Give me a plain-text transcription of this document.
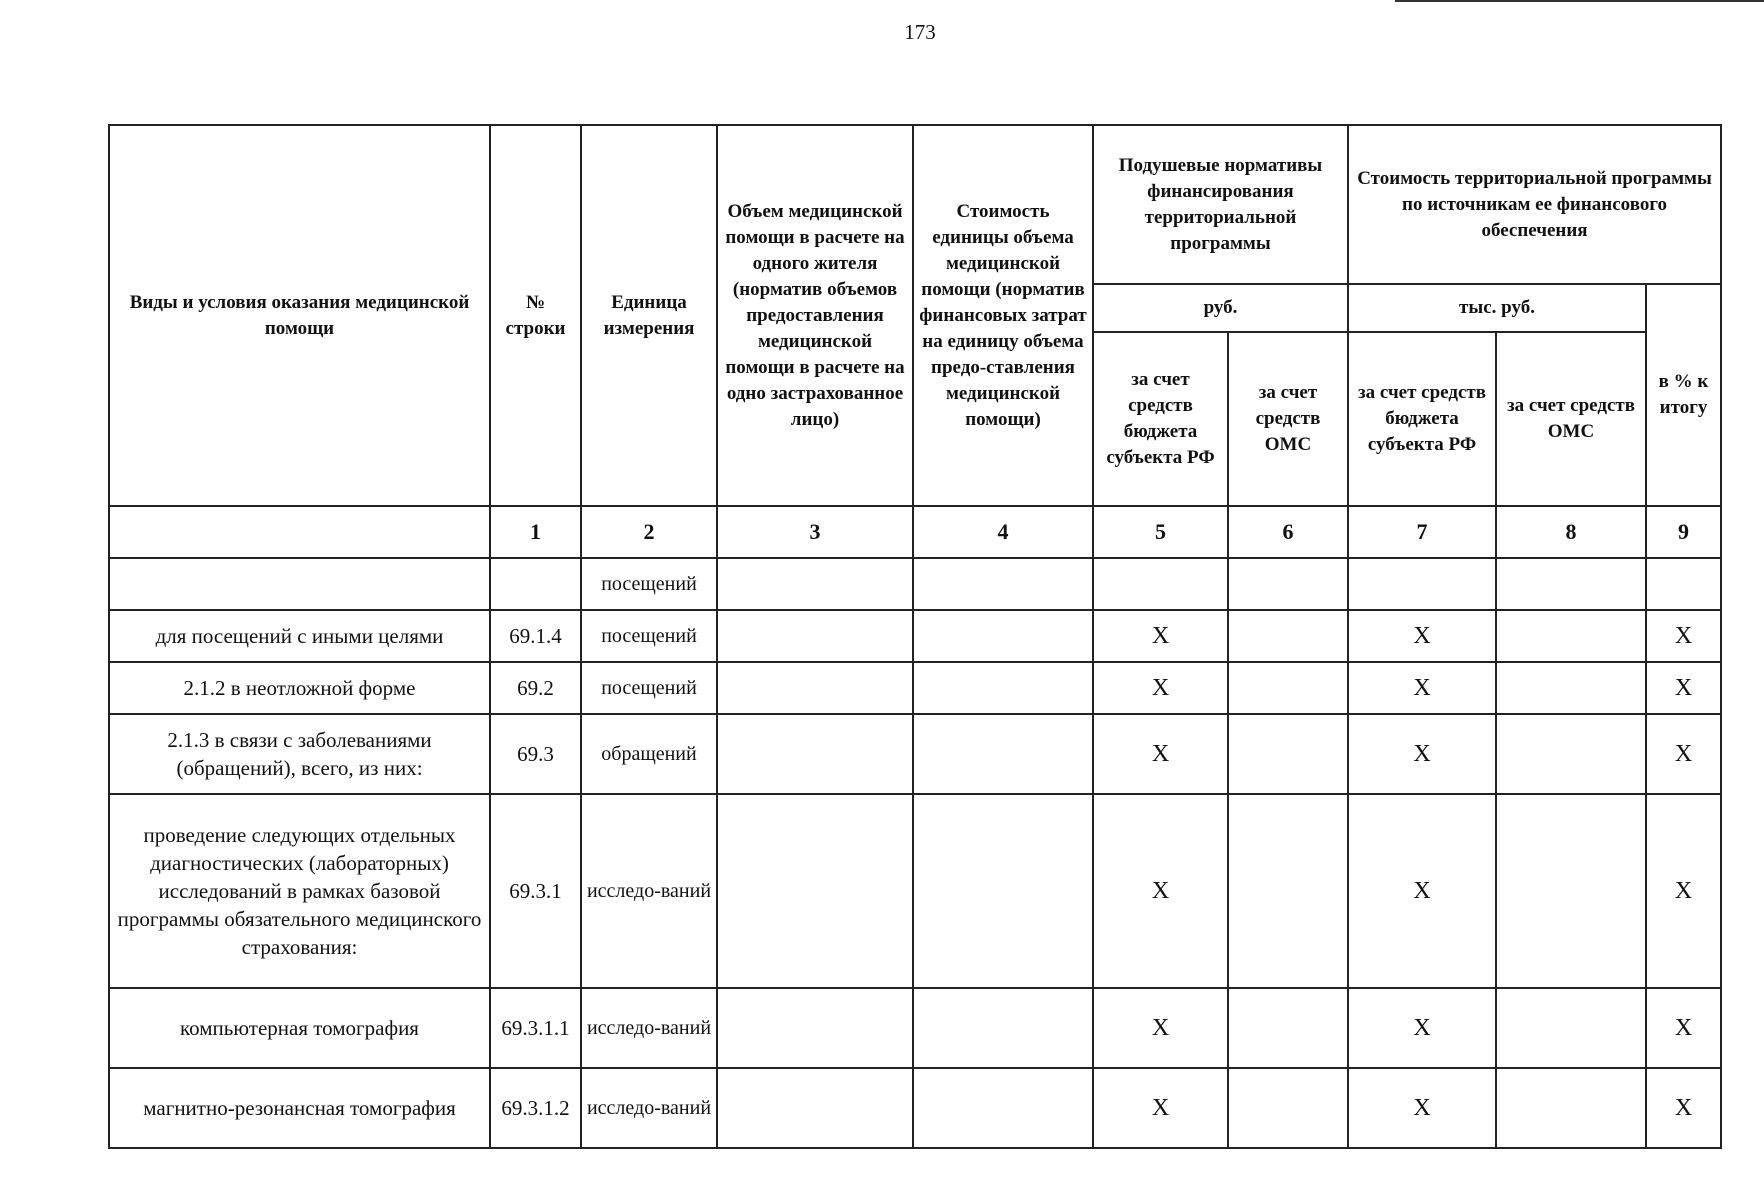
173
Виды и условия оказания медицинской помощи	№ строки	Единица измерения	Объем медицинской помощи в расчете на одного жителя (норматив объемов предоставления медицинской помощи в расчете на одно застрахованное лицо)	Стоимость единицы объема медицинской помощи (норматив финансовых затрат на единицу объема предо-ставления медицинской помощи)	Подушевые нормативы финансирования территориальной программы		Стоимость территориальной программы по источникам ее финансового обеспечения		
					руб.		тыс. руб.		в % к итогу
					за счет средств бюджета субъекта РФ	за счет средств ОМС	за счет средств бюджета субъекта РФ	за счет средств ОМС	
	1	2	3	4	5	6	7	8	9
		посещений							
для посещений с иными целями	69.1.4	посещений			X		X		X
2.1.2 в неотложной форме	69.2	посещений			X		X		X
2.1.3 в связи с заболеваниями (обращений), всего, из них:	69.3	обращений			X		X		X
проведение следующих отдельных диагностических (лабораторных) исследований в рамках базовой программы обязательного медицинского страхования:	69.3.1	исследо-ваний			X		X		X
компьютерная томография	69.3.1.1	исследо-ваний			X		X		X
магнитно-резонансная томография	69.3.1.2	исследо-ваний			X		X		X
